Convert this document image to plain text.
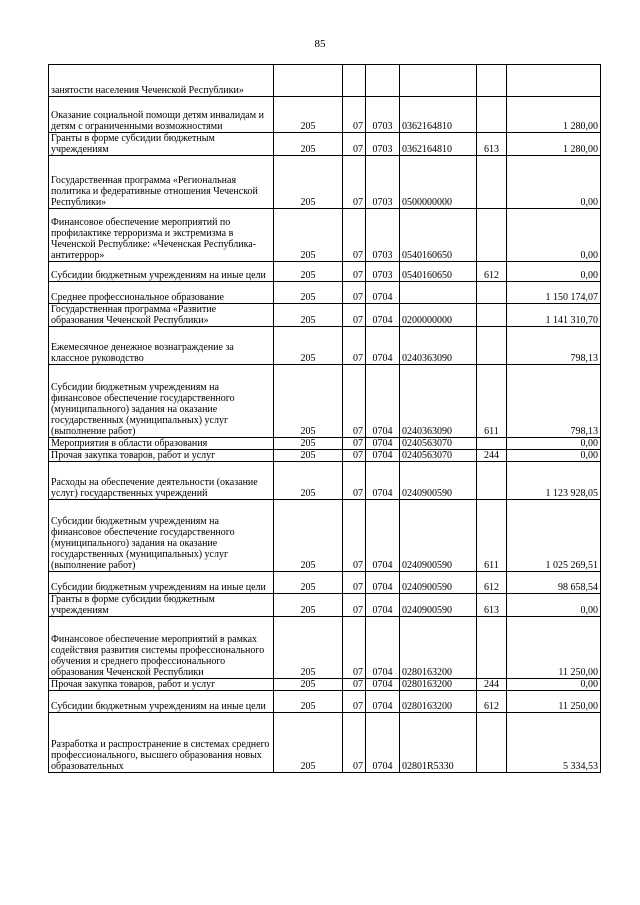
85
занятости населения Чеченской Республики»						
Оказание социальной помощи детям инвалидам и детям с ограниченными возможностями	205	07	0703	0362164810		1 280,00
Гранты в форме субсидии бюджетным учреждениям	205	07	0703	0362164810	613	1 280,00
Государственная программа «Региональная политика и федеративные отношения Чеченской Республики»	205	07	0703	0500000000		0,00
Финансовое обеспечение мероприятий по профилактике терроризма и экстремизма в Чеченской Республике: «Чеченская Республика-антитеррор»	205	07	0703	0540160650		0,00
Субсидии бюджетным учреждениям на иные цели	205	07	0703	0540160650	612	0,00
Среднее профессиональное образование	205	07	0704			1 150 174,07
Государственная программа «Развитие образования Чеченской Республики»	205	07	0704	0200000000		1 141 310,70
Ежемесячное денежное вознаграждение за классное руководство	205	07	0704	0240363090		798,13
Субсидии бюджетным учреждениям на финансовое обеспечение государственного (муниципального) задания на оказание государственных (муниципальных) услуг (выполнение работ)	205	07	0704	0240363090	611	798,13
Мероприятия в области образования	205	07	0704	0240563070		0,00
Прочая закупка товаров, работ и услуг	205	07	0704	0240563070	244	0,00
Расходы на обеспечение деятельности (оказание услуг) государственных учреждений	205	07	0704	0240900590		1 123 928,05
Субсидии бюджетным учреждениям на финансовое обеспечение государственного (муниципального) задания на оказание государственных (муниципальных) услуг (выполнение работ)	205	07	0704	0240900590	611	1 025 269,51
Субсидии бюджетным учреждениям на иные цели	205	07	0704	0240900590	612	98 658,54
Гранты в форме субсидии бюджетным учреждениям	205	07	0704	0240900590	613	0,00
Финансовое обеспечение мероприятий в рамках содействия развития системы профессионального обучения и среднего профессионального образования Чеченской Республики	205	07	0704	0280163200		11 250,00
Прочая закупка товаров, работ и услуг	205	07	0704	0280163200	244	0,00
Субсидии бюджетным учреждениям на иные цели	205	07	0704	0280163200	612	11 250,00
Разработка и распространение в системах среднего профессионального, высшего образования новых образовательных	205	07	0704	02801R5330		5 334,53
